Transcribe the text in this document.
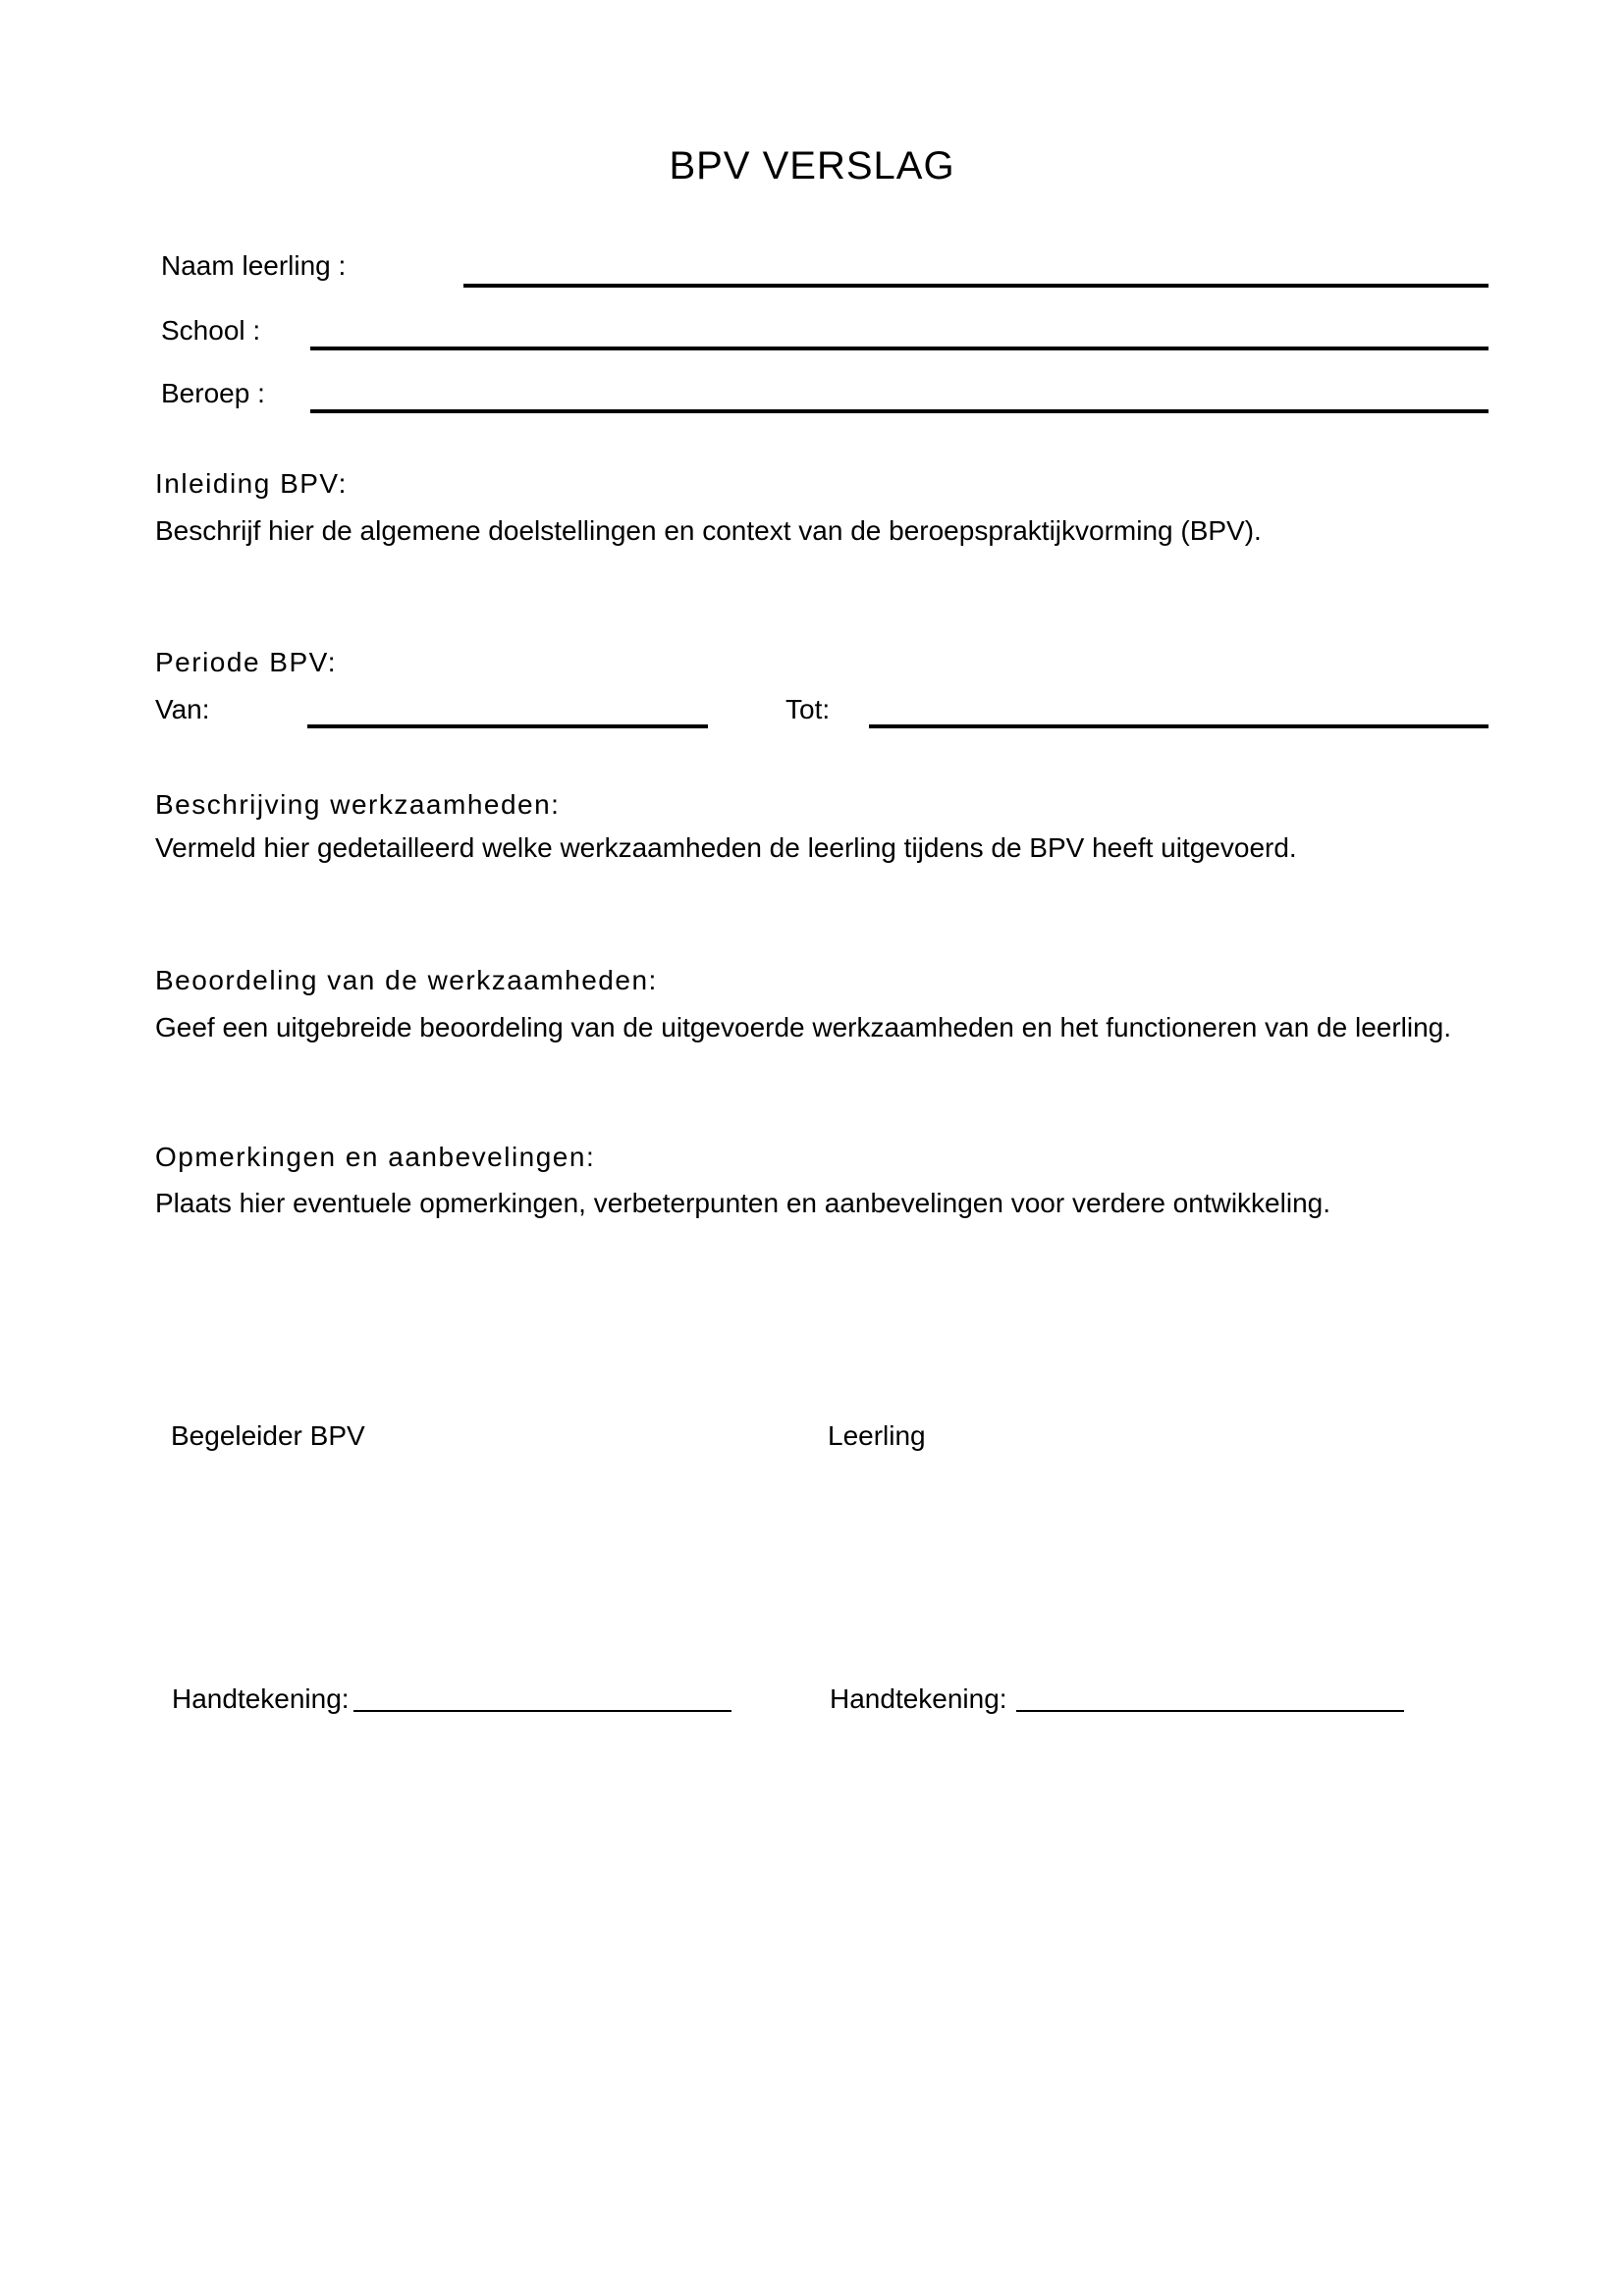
BPV VERSLAG
Naam leerling :
School :
Beroep :
Inleiding BPV:
Beschrijf hier de algemene doelstellingen en context van de beroepspraktijkvorming (BPV).
Periode BPV:
Van:	Tot:
Beschrijving werkzaamheden:
Vermeld hier gedetailleerd welke werkzaamheden de leerling tijdens de BPV heeft uitgevoerd.
Beoordeling van de werkzaamheden:
Geef een uitgebreide beoordeling van de uitgevoerde werkzaamheden en het functioneren van de leerling.
Opmerkingen en aanbevelingen:
Plaats hier eventuele opmerkingen, verbeterpunten en aanbevelingen voor verdere ontwikkeling.
Begeleider BPV	Leerling
Handtekening:	Handtekening:
